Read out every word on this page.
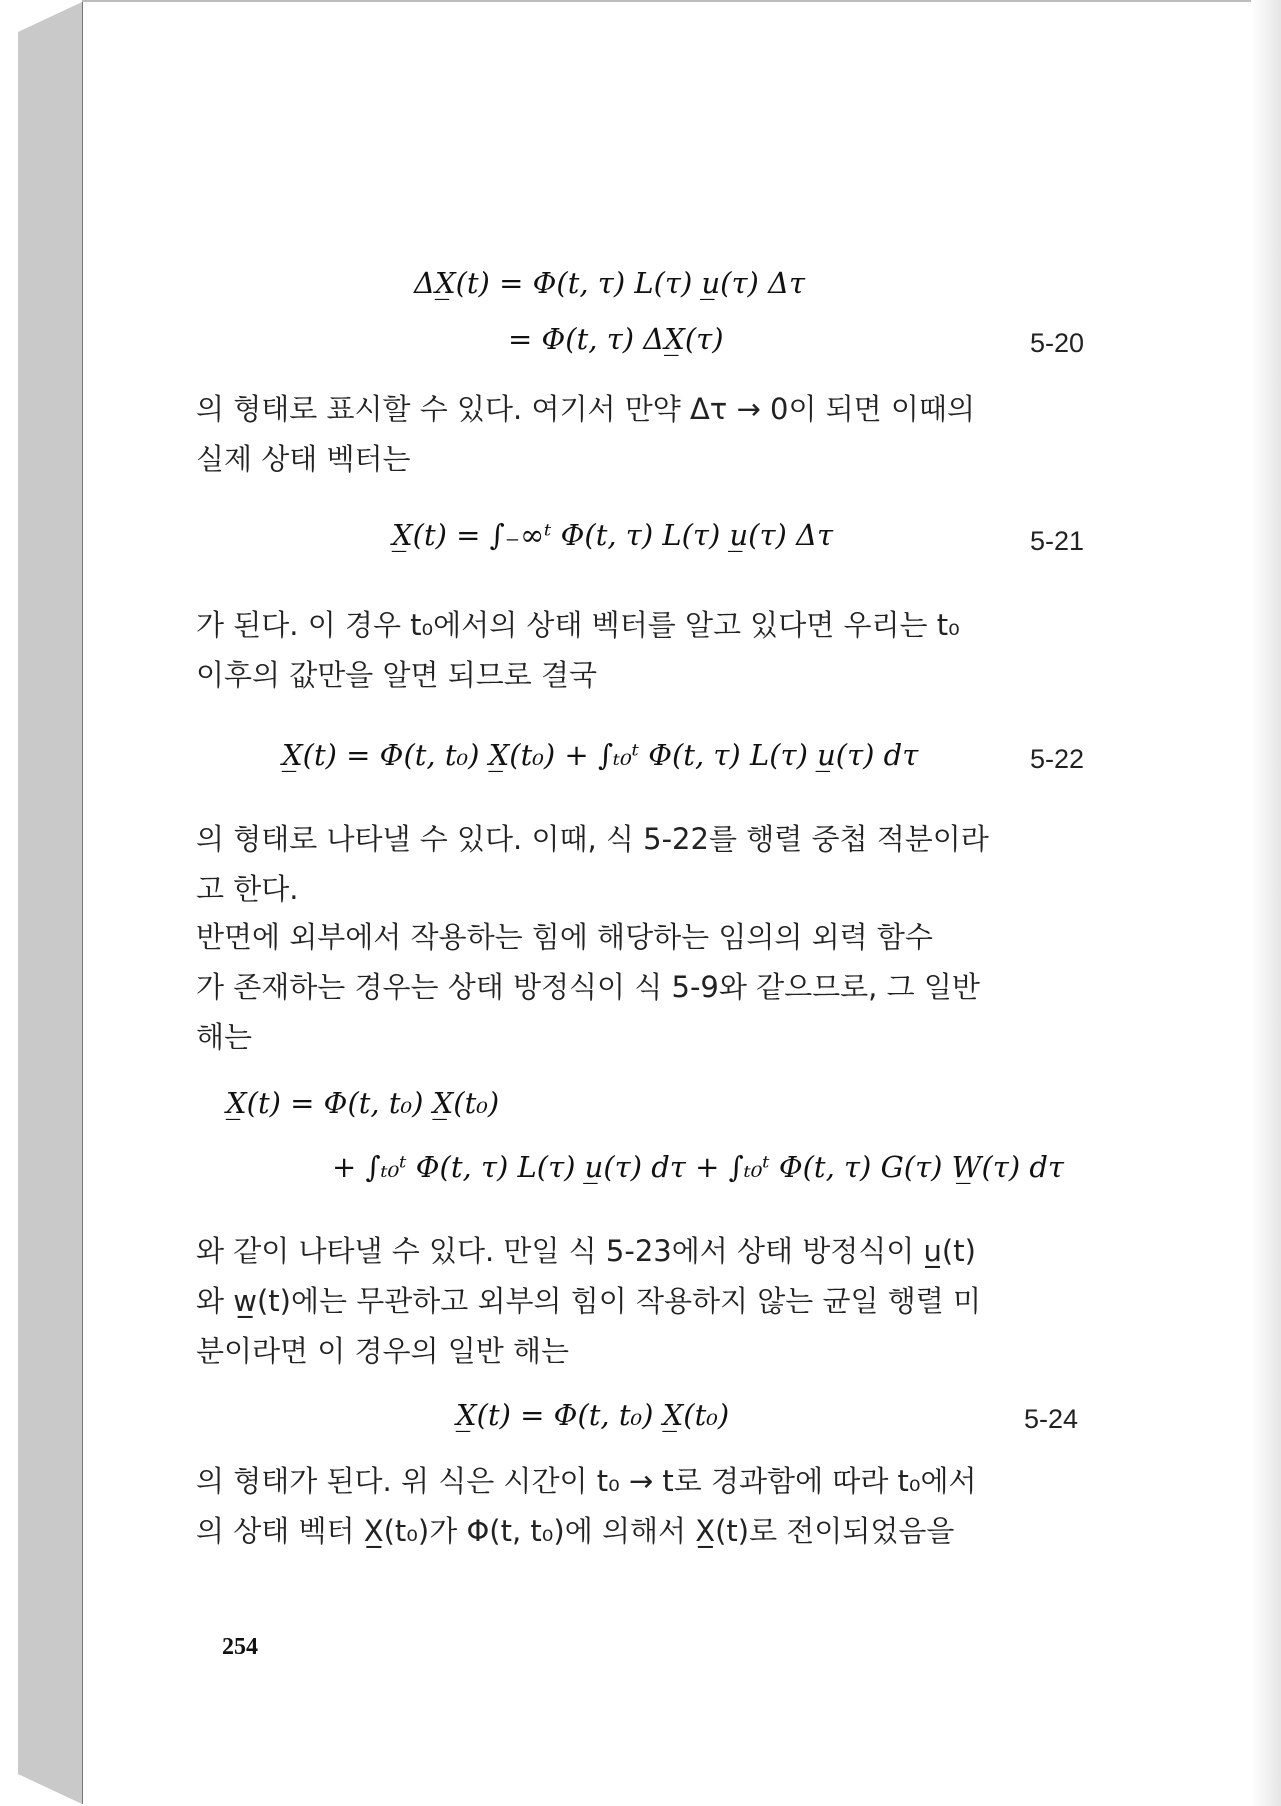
ΔX̲(t) = Φ(t, τ) L(τ) u̲(τ) Δτ
= Φ(t, τ) ΔX̲(τ)	5-20
의 형태로 표시할 수 있다. 여기서 만약 Δτ → 0이 되면 이때의
실제 상태 벡터는
X̲(t) = ∫₋∞ᵗ Φ(t, τ) L(τ) u̲(τ) Δτ	5-21
가 된다. 이 경우 t₀에서의 상태 벡터를 알고 있다면 우리는 t₀
이후의 값만을 알면 되므로 결국
X̲(t) = Φ(t, t₀) X̲(t₀) + ∫ₜ₀ᵗ Φ(t, τ) L(τ) u̲(τ) dτ	5-22
의 형태로 나타낼 수 있다. 이때, 식 5-22를 행렬 중첩 적분이라
고 한다.
반면에 외부에서 작용하는 힘에 해당하는 임의의 외력 함수
가 존재하는 경우는 상태 방정식이 식 5-9와 같으므로, 그 일반
해는
X̲(t) = Φ(t, t₀) X̲(t₀)
+ ∫ₜ₀ᵗ Φ(t, τ) L(τ) u̲(τ) dτ + ∫ₜ₀ᵗ Φ(t, τ) G(τ) W̲(τ) dτ
와 같이 나타낼 수 있다. 만일 식 5-23에서 상태 방정식이 u̲(t)
와 w̲(t)에는 무관하고 외부의 힘이 작용하지 않는 균일 행렬 미
분이라면 이 경우의 일반 해는
X̲(t) = Φ(t, t₀) X̲(t₀)	5-24
의 형태가 된다. 위 식은 시간이 t₀ → t로 경과함에 따라 t₀에서
의 상태 벡터 X̲(t₀)가 Φ(t, t₀)에 의해서 X̲(t)로 전이되었음을
254
